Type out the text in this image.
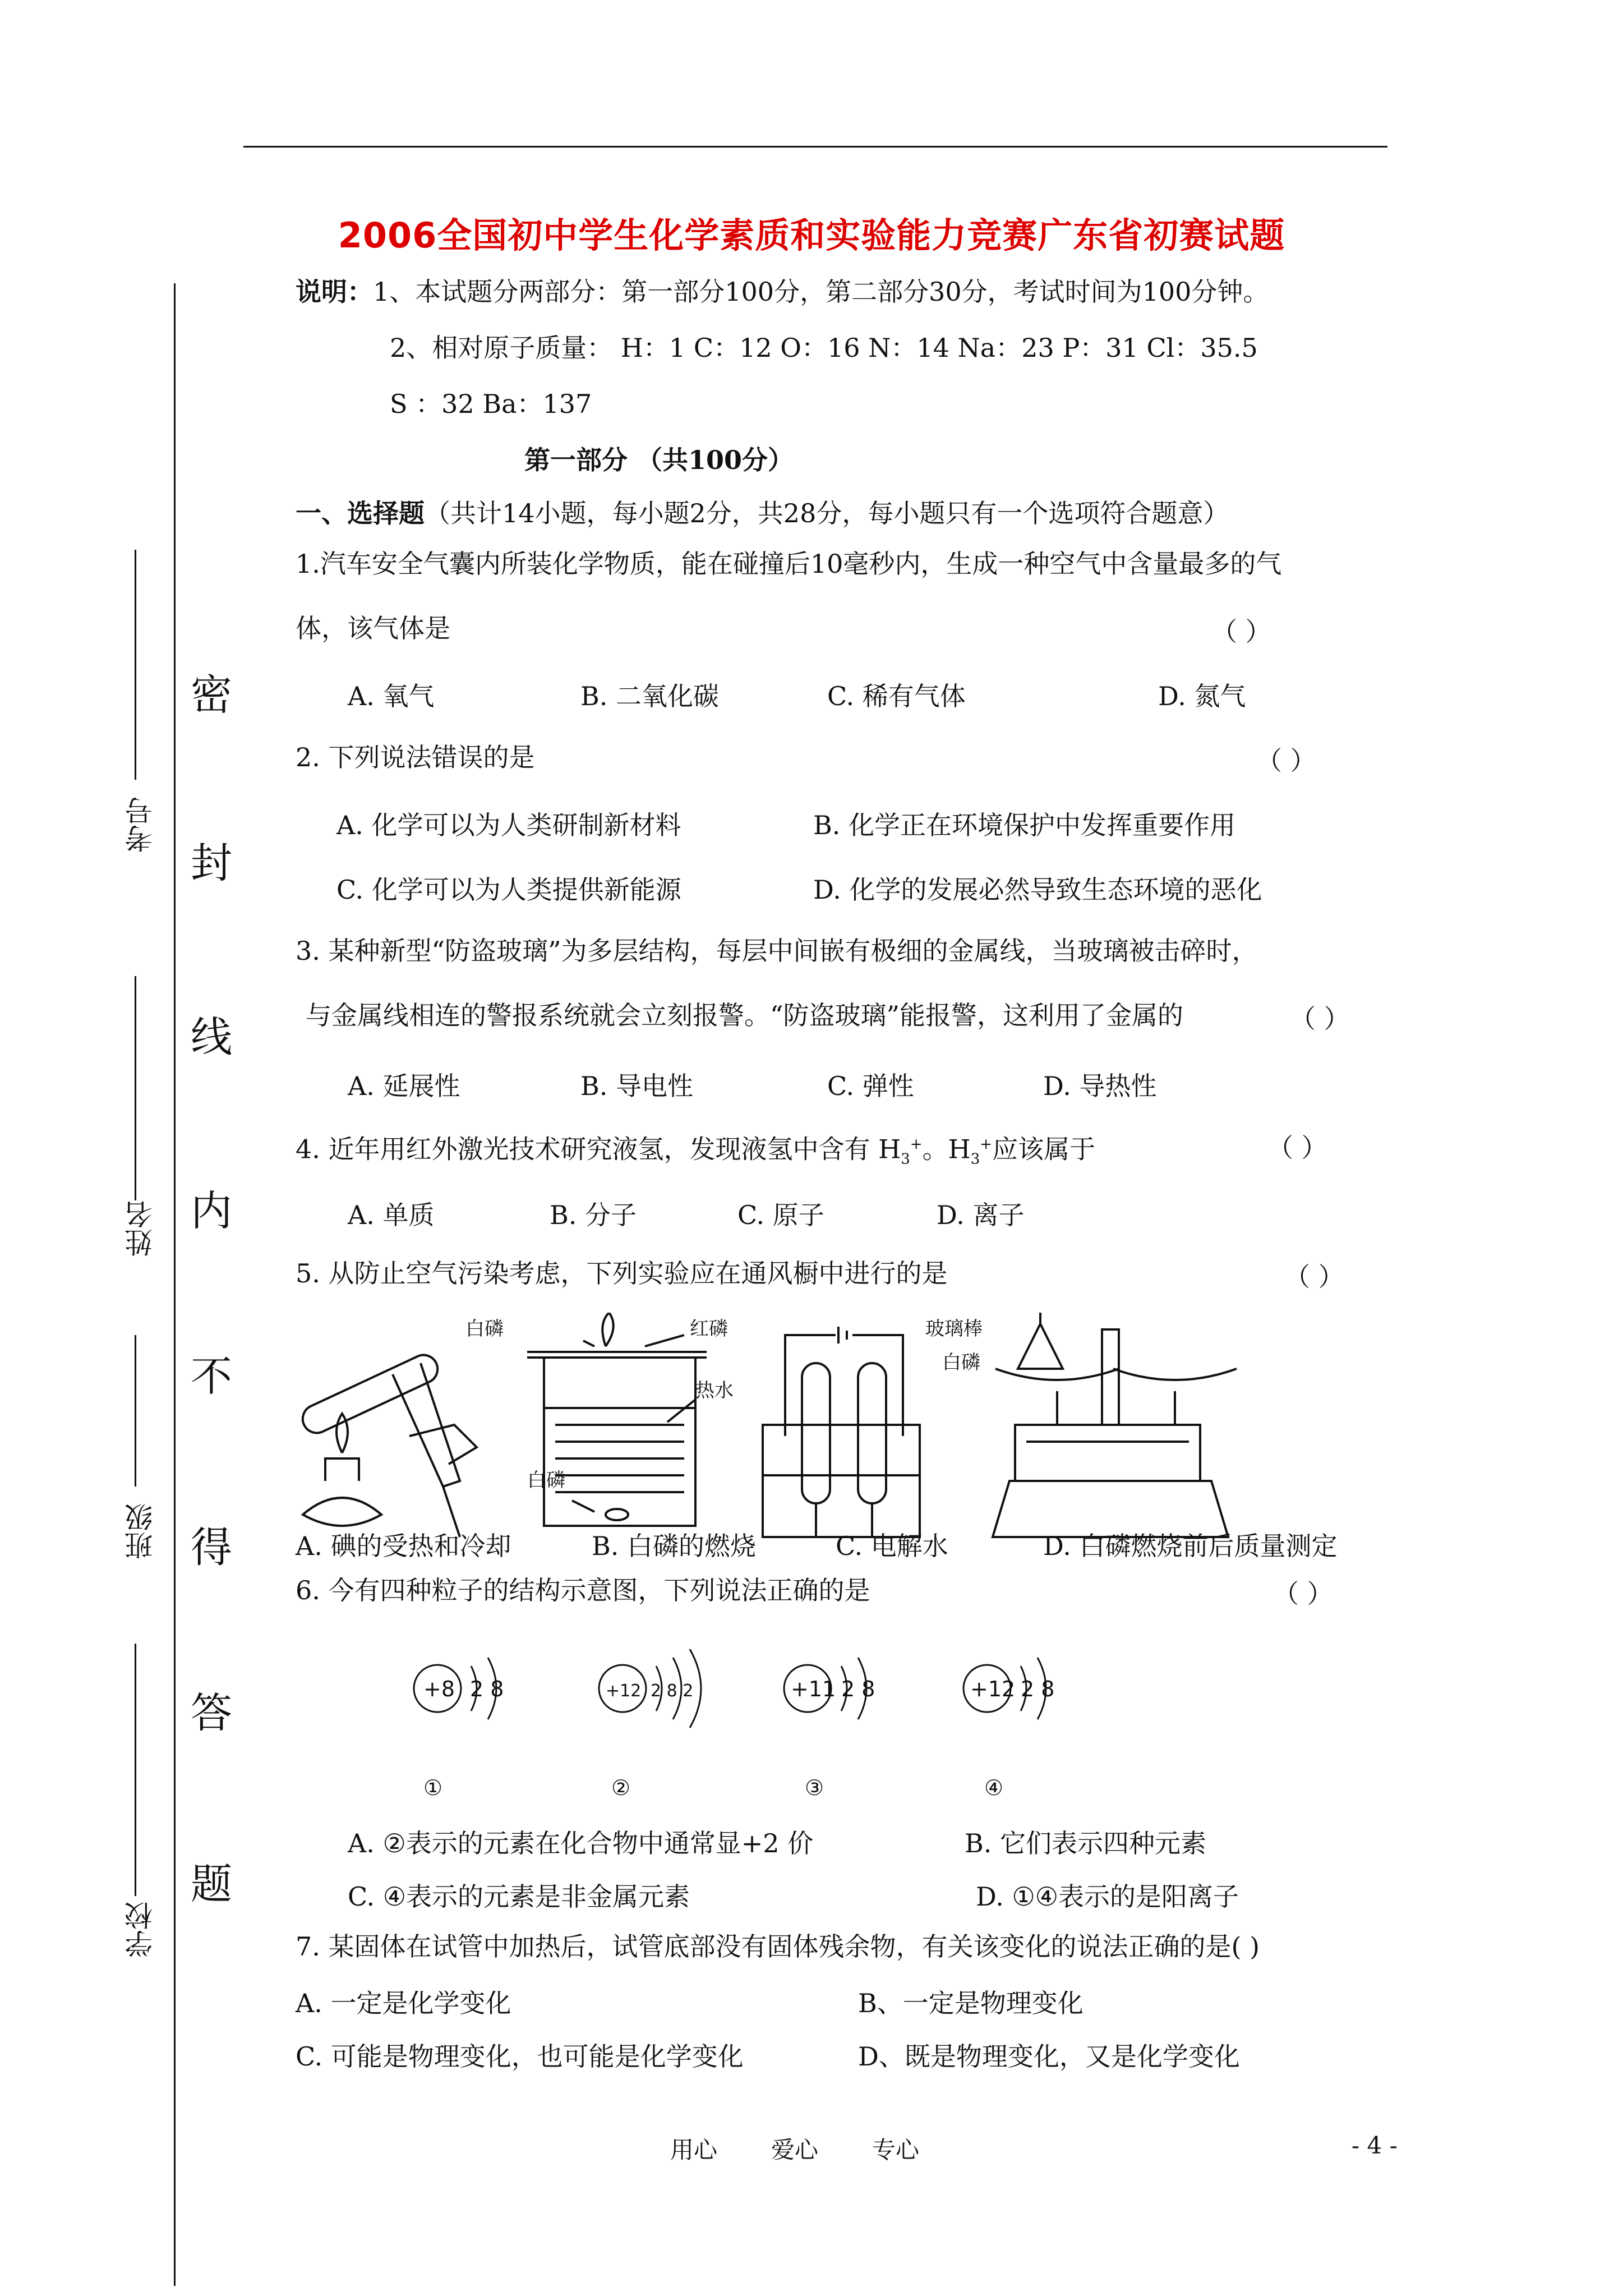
2006全国初中学生化学素质和实验能力竞赛广东省初赛试题
密
封
线
内
不
得
答
题
考号
姓名
班级
学校
说明：1、本试题分两部分：第一部分100分，第二部分30分，考试时间为100分钟。
2、相对原子质量： H：1 C：12 O：16 N：14 Na：23 P：31 Cl：35.5
S ：32 Ba：137
第一部分 （共100分）
一、选择题（共计14小题，每小题2分，共28分，每小题只有一个选项符合题意）
1.汽车安全气囊内所装化学物质，能在碰撞后10毫秒内，生成一种空气中含量最多的气
体，该气体是	（ ）
A. 氧气	B. 二氧化碳	C. 稀有气体	D. 氮气
2. 下列说法错误的是	（ ）
A. 化学可以为人类研制新材料	B. 化学正在环境保护中发挥重要作用
C. 化学可以为人类提供新能源	D. 化学的发展必然导致生态环境的恶化
3. 某种新型“防盗玻璃”为多层结构，每层中间嵌有极细的金属线，当玻璃被击碎时，
与金属线相连的警报系统就会立刻报警。“防盗玻璃”能报警，这利用了金属的	（ ）
A. 延展性	B. 导电性	C. 弹性	D. 导热性
4. 近年用红外激光技术研究液氢，发现液氢中含有 $H_3^+$。$H_3^+$应该属于	（ ）
A. 单质	B. 分子	C. 原子	D. 离子
5. 从防止空气污染考虑，下列实验应在通风橱中进行的是	（ ）
白磷	红磷
热水
白磷
玻璃棒
白磷
A. 碘的受热和冷却	B. 白磷的燃烧	C. 电解水	D. 白磷燃烧前后质量测定
6. 今有四种粒子的结构示意图，下列说法正确的是	（ ）
+8 2 8
①
+12 2 8 2
②
+11 2 8
③
+12 2 8
④
A. ②表示的元素在化合物中通常显+2 价	B. 它们表示四种元素
C. ④表示的元素是非金属元素	D. ①④表示的是阳离子
7. 某固体在试管中加热后，试管底部没有固体残余物，有关该变化的说法正确的是( )
A. 一定是化学变化	B、一定是物理变化
C. 可能是物理变化，也可能是化学变化	D、既是物理变化，又是化学变化
用心 爱心 专心	- 4 -
